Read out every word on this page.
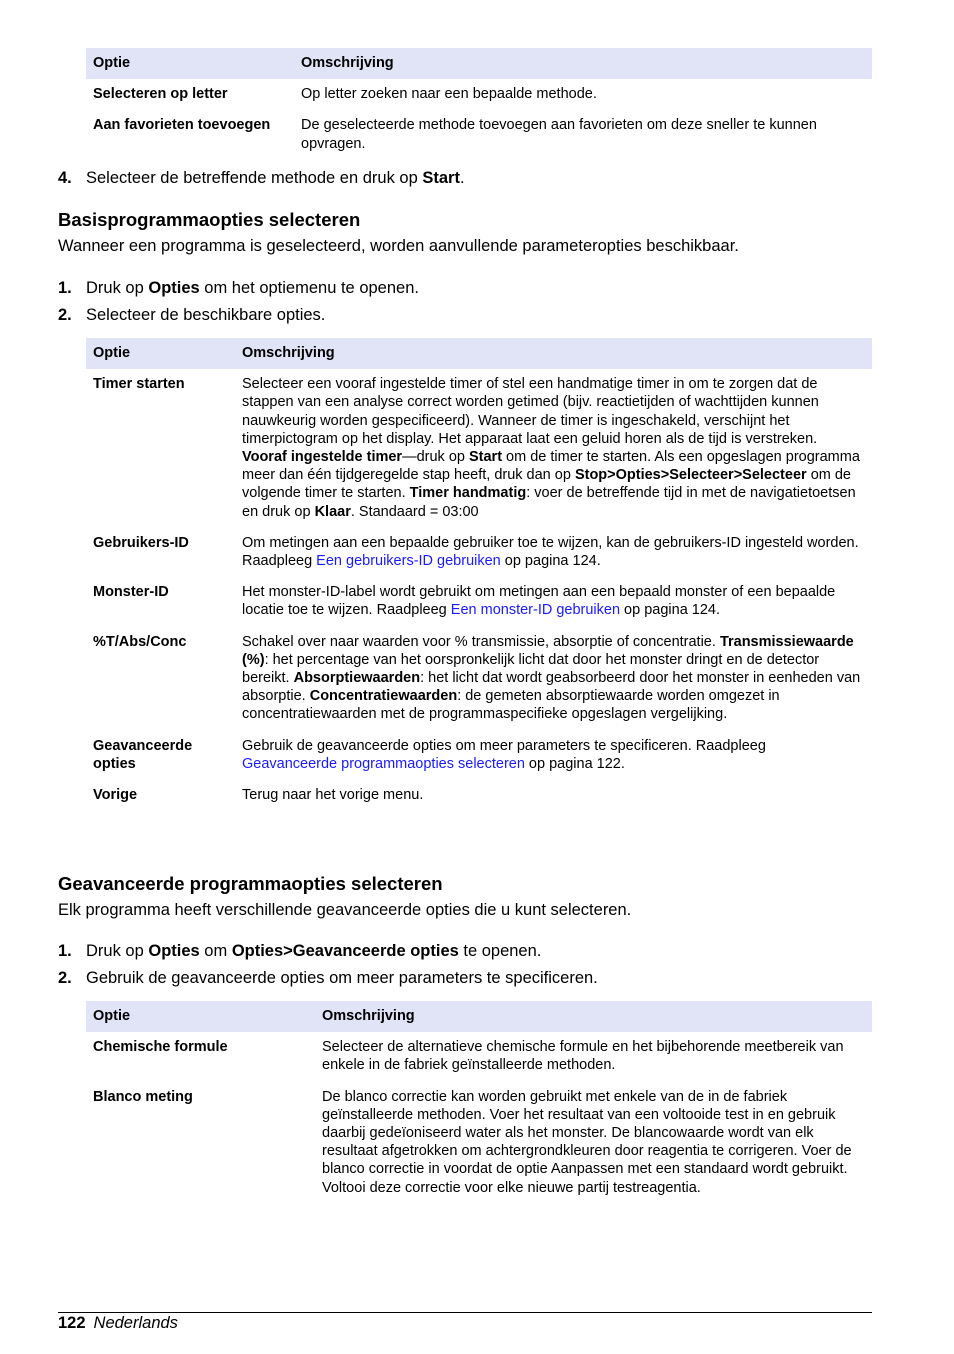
Optie	Omschrijving
Selecteren op letter	Op letter zoeken naar een bepaalde methode.
Aan favorieten toevoegen	De geselecteerde methode toevoegen aan favorieten om deze sneller te kunnen opvragen.
4. Selecteer de betreffende methode en druk op Start.
Basisprogrammaopties selecteren

Wanneer een programma is geselecteerd, worden aanvullende parameteropties beschikbaar.

1. Druk op Opties om het optiemenu te openen.
2. Selecteer de beschikbare opties.
Optie	Omschrijving
Timer starten	Selecteer een vooraf ingestelde timer of stel een handmatige timer in om te zorgen dat de stappen van een analyse correct worden getimed (bijv. reactietijden of wachttijden kunnen nauwkeurig worden gespecificeerd). Wanneer de timer is ingeschakeld, verschijnt het timerpictogram op het display. Het apparaat laat een geluid horen als de tijd is verstreken. Vooraf ingestelde timer—druk op Start om de timer te starten. Als een opgeslagen programma meer dan één tijdgeregelde stap heeft, druk dan op Stop>Opties>Selecteer>Selecteer om de volgende timer te starten. Timer handmatig: voer de betreffende tijd in met de navigatietoetsen en druk op Klaar. Standaard = 03:00
Gebruikers-ID	Om metingen aan een bepaalde gebruiker toe te wijzen, kan de gebruikers-ID ingesteld worden. Raadpleeg Een gebruikers-ID gebruiken op pagina 124.
Monster-ID	Het monster-ID-label wordt gebruikt om metingen aan een bepaald monster of een bepaalde locatie toe te wijzen. Raadpleeg Een monster-ID gebruiken op pagina 124.
%T/Abs/Conc	Schakel over naar waarden voor % transmissie, absorptie of concentratie. Transmissiewaarde (%): het percentage van het oorspronkelijk licht dat door het monster dringt en de detector bereikt. Absorptiewaarden: het licht dat wordt geabsorbeerd door het monster in eenheden van absorptie. Concentratiewaarden: de gemeten absorptiewaarde worden omgezet in concentratiewaarden met de programmaspecifieke opgeslagen vergelijking.
Geavanceerde opties	Gebruik de geavanceerde opties om meer parameters te specificeren. Raadpleeg Geavanceerde programmaopties selecteren op pagina 122.
Vorige	Terug naar het vorige menu.
Geavanceerde programmaopties selecteren

Elk programma heeft verschillende geavanceerde opties die u kunt selecteren.

1. Druk op Opties om Opties>Geavanceerde opties te openen.
2. Gebruik de geavanceerde opties om meer parameters te specificeren.
Optie	Omschrijving
Chemische formule	Selecteer de alternatieve chemische formule en het bijbehorende meetbereik van enkele in de fabriek geïnstalleerde methoden.
Blanco meting	De blanco correctie kan worden gebruikt met enkele van de in de fabriek geïnstalleerde methoden. Voer het resultaat van een voltooide test in en gebruik daarbij gedeïoniseerd water als het monster. De blancowaarde wordt van elk resultaat afgetrokken om achtergrondkleuren door reagentia te corrigeren. Voer de blanco correctie in voordat de optie Aanpassen met een standaard wordt gebruikt. Voltooi deze correctie voor elke nieuwe partij testreagentia.
122 Nederlands
